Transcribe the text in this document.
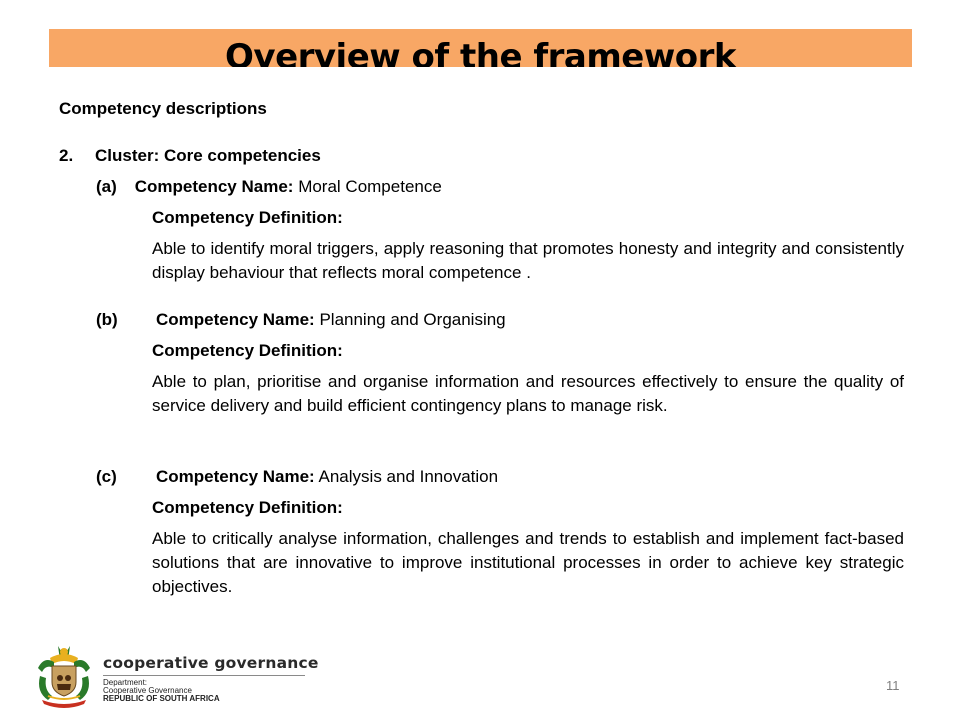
Overview of the framework
Competency descriptions
2. Cluster: Core competencies
(a) Competency Name: Moral Competence
Competency Definition:
Able to identify moral triggers, apply reasoning that promotes honesty and integrity and consistently display behaviour that reflects moral competence .
(b) Competency Name: Planning and Organising
Competency Definition:
Able to plan, prioritise and organise information and resources effectively to ensure the quality of service delivery and build efficient contingency plans to manage risk.
(c) Competency Name: Analysis and Innovation
Competency Definition:
Able to critically analyse information, challenges and trends to establish and implement fact-based solutions that are innovative to improve institutional processes in order to achieve key strategic objectives.
cooperative governance
Department:
Cooperative Governance
REPUBLIC OF SOUTH AFRICA
11
